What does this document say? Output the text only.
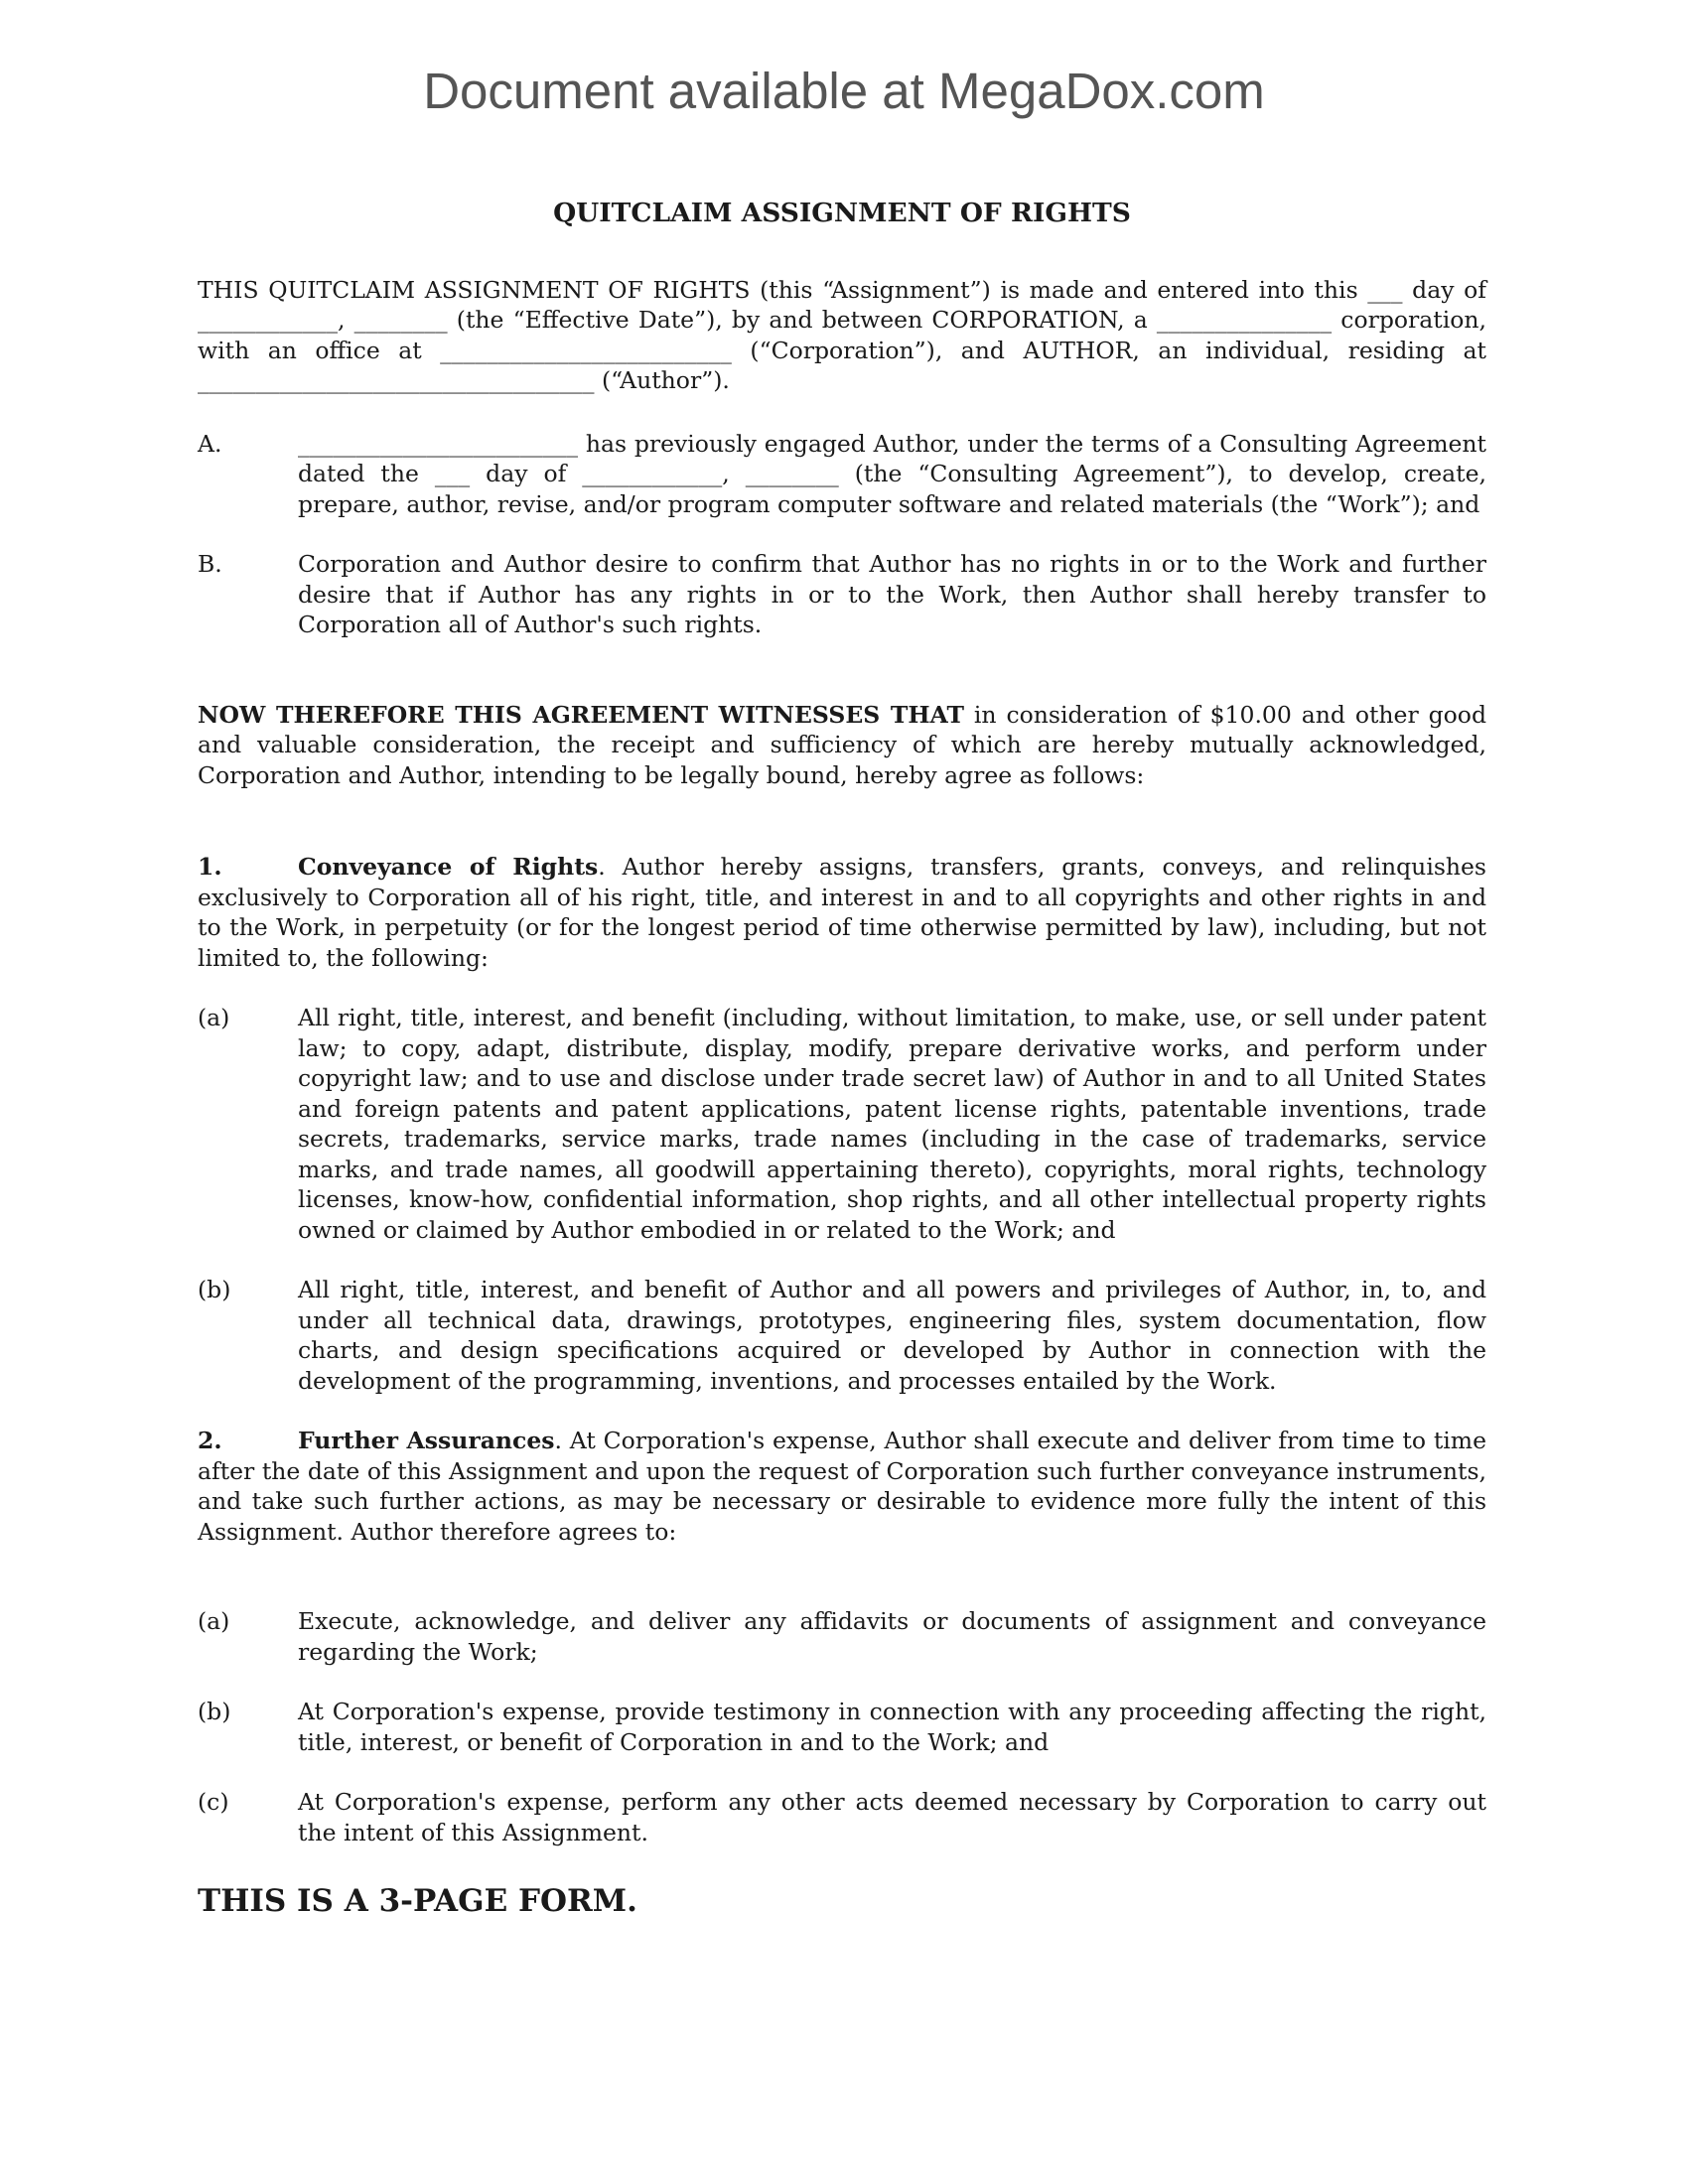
Document available at MegaDox.com
QUITCLAIM ASSIGNMENT OF RIGHTS

THIS QUITCLAIM ASSIGNMENT OF RIGHTS (this “Assignment”) is made and entered into this ___ day of ____________, ________ (the “Effective Date”), by and between CORPORATION, a _______________ corporation, with an office at _________________________ (“Corporation”), and AUTHOR, an individual, residing at __________________________________ (“Author”).

A.	________________________ has previously engaged Author, under the terms of a Consulting Agreement dated the ___ day of ____________, ________ (the “Consulting Agreement”), to develop, create, prepare, author, revise, and/or program computer software and related materials (the “Work”); and
B.	Corporation and Author desire to confirm that Author has no rights in or to the Work and further desire that if Author has any rights in or to the Work, then Author shall hereby transfer to Corporation all of Author's such rights.

NOW THEREFORE THIS AGREEMENT WITNESSES THAT in consideration of $10.00 and other good and valuable consideration, the receipt and sufficiency of which are hereby mutually acknowledged, Corporation and Author, intending to be legally bound, hereby agree as follows:

1.	Conveyance of Rights. Author hereby assigns, transfers, grants, conveys, and relinquishes exclusively to Corporation all of his right, title, and interest in and to all copyrights and other rights in and to the Work, in perpetuity (or for the longest period of time otherwise permitted by law), including, but not limited to, the following:

(a)	All right, title, interest, and benefit (including, without limitation, to make, use, or sell under patent law; to copy, adapt, distribute, display, modify, prepare derivative works, and perform under copyright law; and to use and disclose under trade secret law) of Author in and to all United States and foreign patents and patent applications, patent license rights, patentable inventions, trade secrets, trademarks, service marks, trade names (including in the case of trademarks, service marks, and trade names, all goodwill appertaining thereto), copyrights, moral rights, technology licenses, know-how, confidential information, shop rights, and all other intellectual property rights owned or claimed by Author embodied in or related to the Work; and
(b)	All right, title, interest, and benefit of Author and all powers and privileges of Author, in, to, and under all technical data, drawings, prototypes, engineering files, system documentation, flow charts, and design specifications acquired or developed by Author in connection with the development of the programming, inventions, and processes entailed by the Work.

2.	Further Assurances. At Corporation's expense, Author shall execute and deliver from time to time after the date of this Assignment and upon the request of Corporation such further conveyance instruments, and take such further actions, as may be necessary or desirable to evidence more fully the intent of this Assignment. Author therefore agrees to:

(a)	Execute, acknowledge, and deliver any affidavits or documents of assignment and conveyance regarding the Work;
(b)	At Corporation's expense, provide testimony in connection with any proceeding affecting the right, title, interest, or benefit of Corporation in and to the Work; and
(c)	At Corporation's expense, perform any other acts deemed necessary by Corporation to carry out the intent of this Assignment.
THIS IS A 3-PAGE FORM.
